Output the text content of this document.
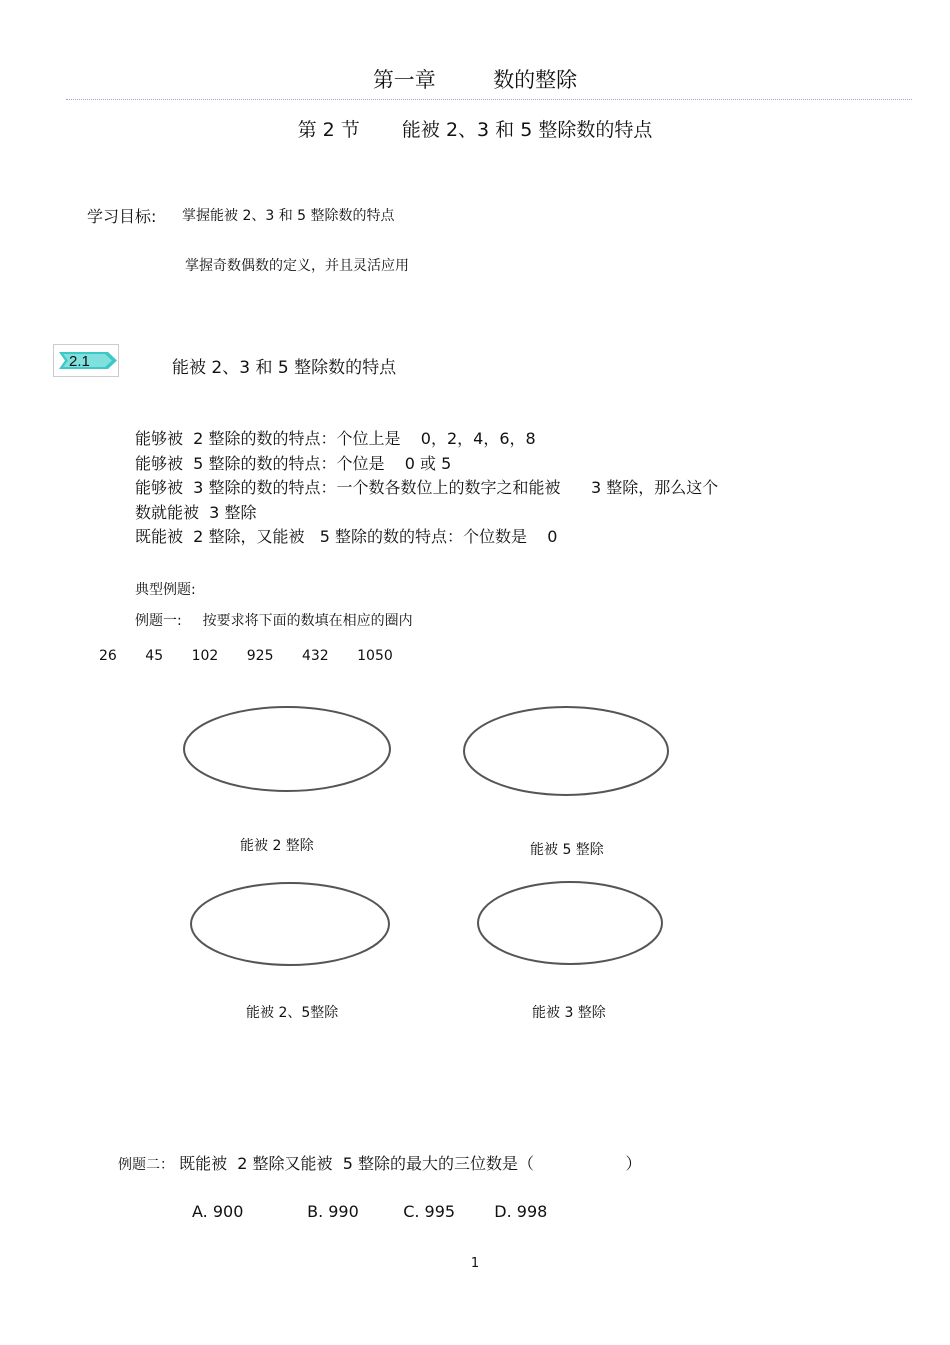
第一章	数的整除
第 2 节 能被 2、3 和 5 整除数的特点
学习目标: 掌握能被 2、3 和 5 整除数的特点
掌握奇数偶数的定义，并且灵活应用
2.1	能被 2、3 和 5 整除数的特点
能够被  2 整除的数的特点：个位上是    0，2，4，6，8
能够被  5 整除的数的特点：个位是    0 或 5
能够被  3 整除的数的特点：一个数各数位上的数字之和能被      3 整除，那么这个
数就能被  3 整除
既能被  2 整除，又能被   5 整除的数的特点：个位数是    0
典型例题:
例题一: 按要求将下面的数填在相应的圈内
26 45 102 925 432 1050
能被 2 整除	能被 5 整除
能被 2、5整除	能被 3 整除
例题二： 既能被  2 整除又能被  5 整除的最大的三位数是（                  ）
A. 900	B. 990	C. 995 D. 998
1
